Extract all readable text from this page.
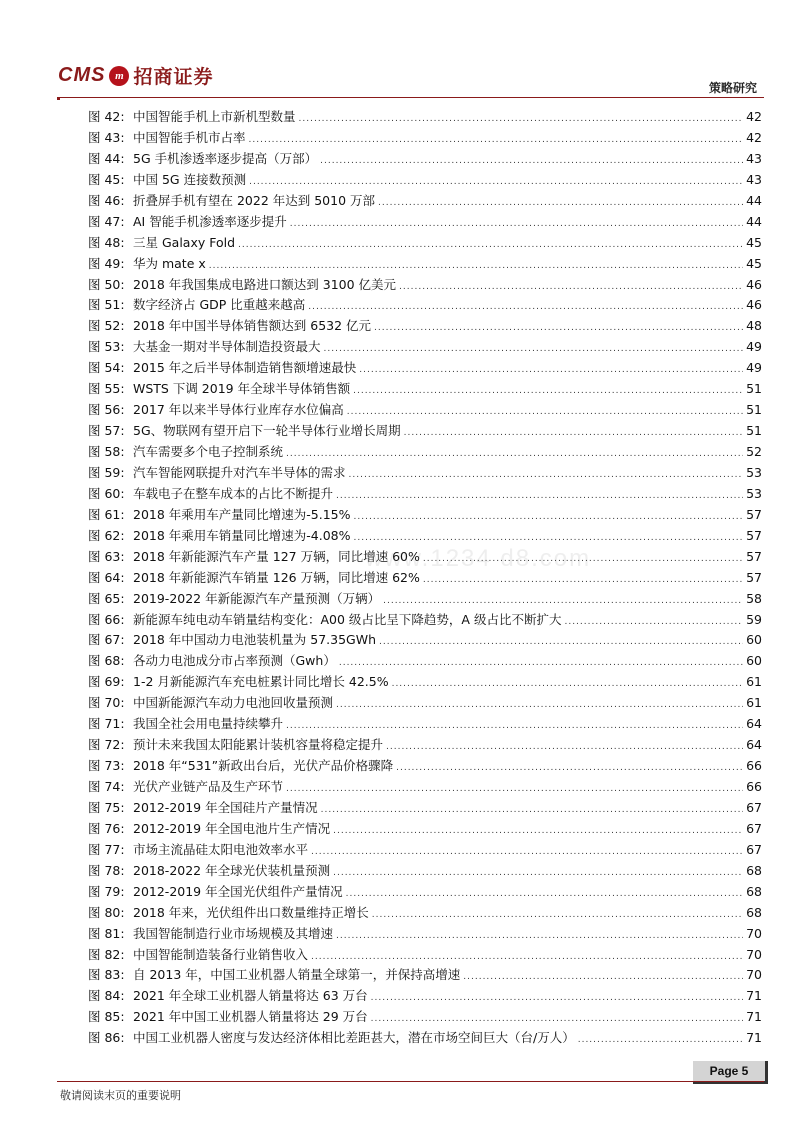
CMS m 招商证券	策略研究
图 42: 中国智能手机上市新机型数量 .....	42
图 43: 中国智能手机市占率 .....	42
图 44: 5G 手机渗透率逐步提高（万部） .....	43
图 45: 中国 5G 连接数预测 .....	43
图 46: 折叠屏手机有望在 2022 年达到 5010 万部 .....	44
图 47: AI 智能手机渗透率逐步提升 .....	44
图 48: 三星 Galaxy Fold .....	45
图 49: 华为 mate x .....	45
图 50: 2018 年我国集成电路进口额达到 3100 亿美元 .....	46
图 51: 数字经济占 GDP 比重越来越高 .....	46
图 52: 2018 年中国半导体销售额达到 6532 亿元 .....	48
图 53: 大基金一期对半导体制造投资最大 .....	49
图 54: 2015 年之后半导体制造销售额增速最快 .....	49
图 55: WSTS 下调 2019 年全球半导体销售额 .....	51
图 56: 2017 年以来半导体行业库存水位偏高 .....	51
图 57: 5G、物联网有望开启下一轮半导体行业增长周期 .....	51
图 58: 汽车需要多个电子控制系统 .....	52
图 59: 汽车智能网联提升对汽车半导体的需求 .....	53
图 60: 车载电子在整车成本的占比不断提升 .....	53
图 61: 2018 年乘用车产量同比增速为-5.15% .....	57
图 62: 2018 年乘用车销量同比增速为-4.08% .....	57
图 63: 2018 年新能源汽车产量 127 万辆，同比增速 60% .....	57
图 64: 2018 年新能源汽车销量 126 万辆，同比增速 62% .....	57
图 65: 2019-2022 年新能源汽车产量预测（万辆） .....	58
图 66: 新能源车纯电动车销量结构变化：A00 级占比呈下降趋势，A 级占比不断扩大 .....	59
图 67: 2018 年中国动力电池装机量为 57.35GWh .....	60
图 68: 各动力电池成分市占率预测（Gwh） .....	60
图 69: 1-2 月新能源汽车充电桩累计同比增长 42.5% .....	61
图 70: 中国新能源汽车动力电池回收量预测 .....	61
图 71: 我国全社会用电量持续攀升 .....	64
图 72: 预计未来我国太阳能累计装机容量将稳定提升 .....	64
图 73: 2018 年“531”新政出台后，光伏产品价格骤降 .....	66
图 74: 光伏产业链产品及生产环节 .....	66
图 75: 2012-2019 年全国硅片产量情况 .....	67
图 76: 2012-2019 年全国电池片生产情况 .....	67
图 77: 市场主流晶硅太阳电池效率水平 .....	67
图 78: 2018-2022 年全球光伏装机量预测 .....	68
图 79: 2012-2019 年全国光伏组件产量情况 .....	68
图 80: 2018 年来，光伏组件出口数量维持正增长 .....	68
图 81: 我国智能制造行业市场规模及其增速 .....	70
图 82: 中国智能制造装备行业销售收入 .....	70
图 83: 自 2013 年，中国工业机器人销量全球第一，并保持高增速 .....	70
图 84: 2021 年全球工业机器人销量将达 63 万台 .....	71
图 85: 2021 年中国工业机器人销量将达 29 万台 .....	71
图 86: 中国工业机器人密度与发达经济体相比差距甚大，潜在市场空间巨大（台/万人） .....	71
www.1234 d8.com
Page 5
敬请阅读末页的重要说明
